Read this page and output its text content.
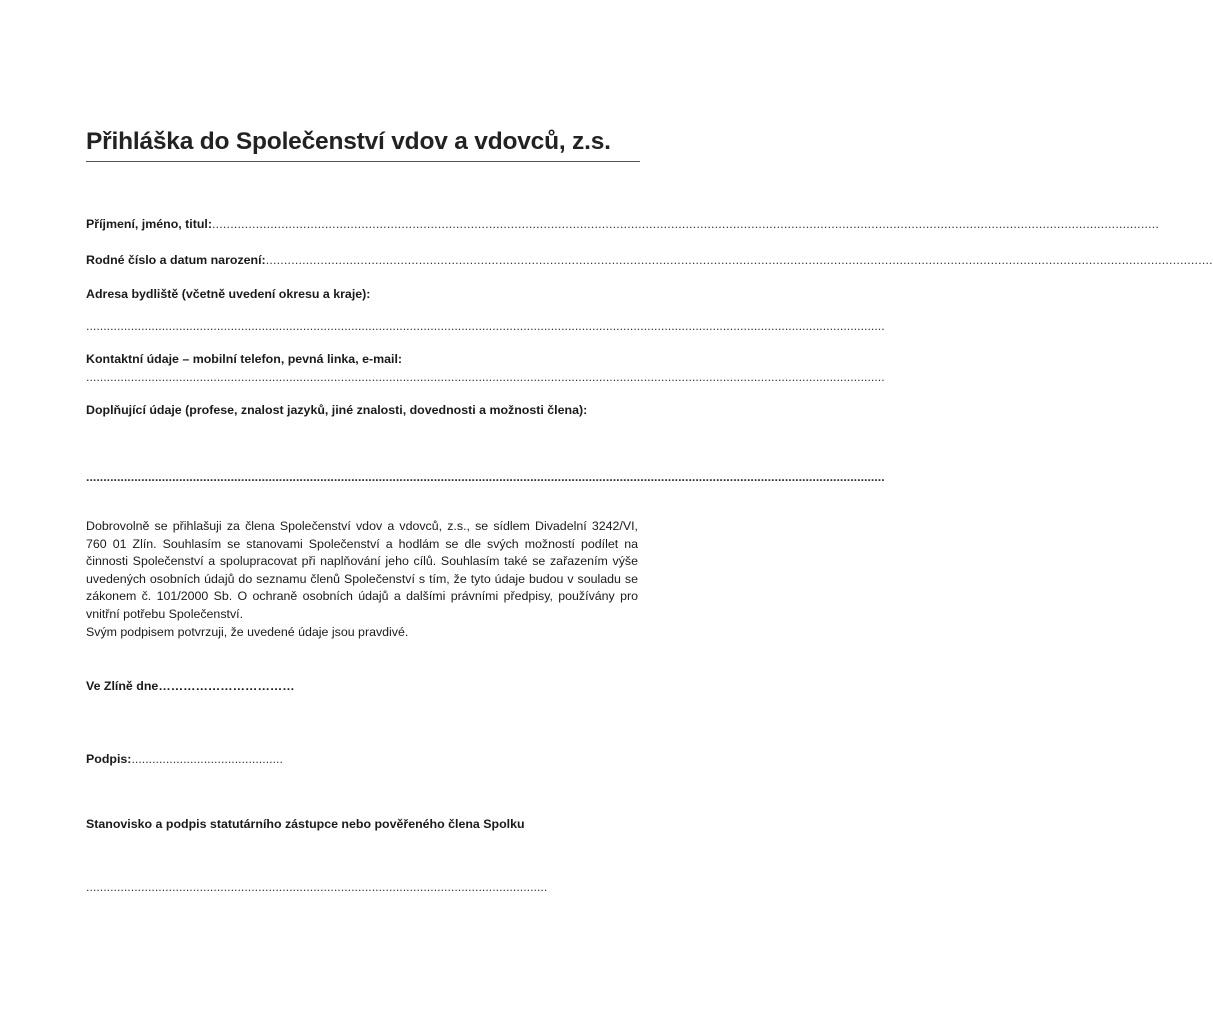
Přihláška do Společenství vdov a vdovců, z.s.
Příjmení, jméno, titul:
.....
Rodné číslo a datum narození:
.....
Adresa bydliště (včetně uvedení okresu a kraje):
........................................................................................................................................................................................................................................
Kontaktní údaje – mobilní telefon, pevná linka, e-mail:
........................................................................................................................................................................................................................................
Doplňující údaje (profese, znalost jazyků, jiné znalosti, dovednosti a možnosti člena):
........................................................................................................................................................................................................................................

Dobrovolně se přihlašuji za člena Společenství vdov a vdovců, z.s., se sídlem Divadelní 3242/VI, 760 01 Zlín. Souhlasím se stanovami Společenství a hodlám se dle svých možností podílet na činnosti Společenství a spolupracovat při naplňování jeho cílů. Souhlasím také se zařazením výše uvedených osobních údajů do seznamu členů Společenství s tím, že tyto údaje budou v souladu se zákonem č. 101/2000 Sb. O ochraně osobních údajů a dalšími právními předpisy, používány pro vnitřní potřebu Společenství.

Svým podpisem potvrzuji, že uvedené údaje jsou pravdivé.

Ve Zlíně dne……………………………
Podpis:............................................
Stanovisko a podpis statutárního zástupce nebo pověřeného člena Spolku
......................................................................................................................................
